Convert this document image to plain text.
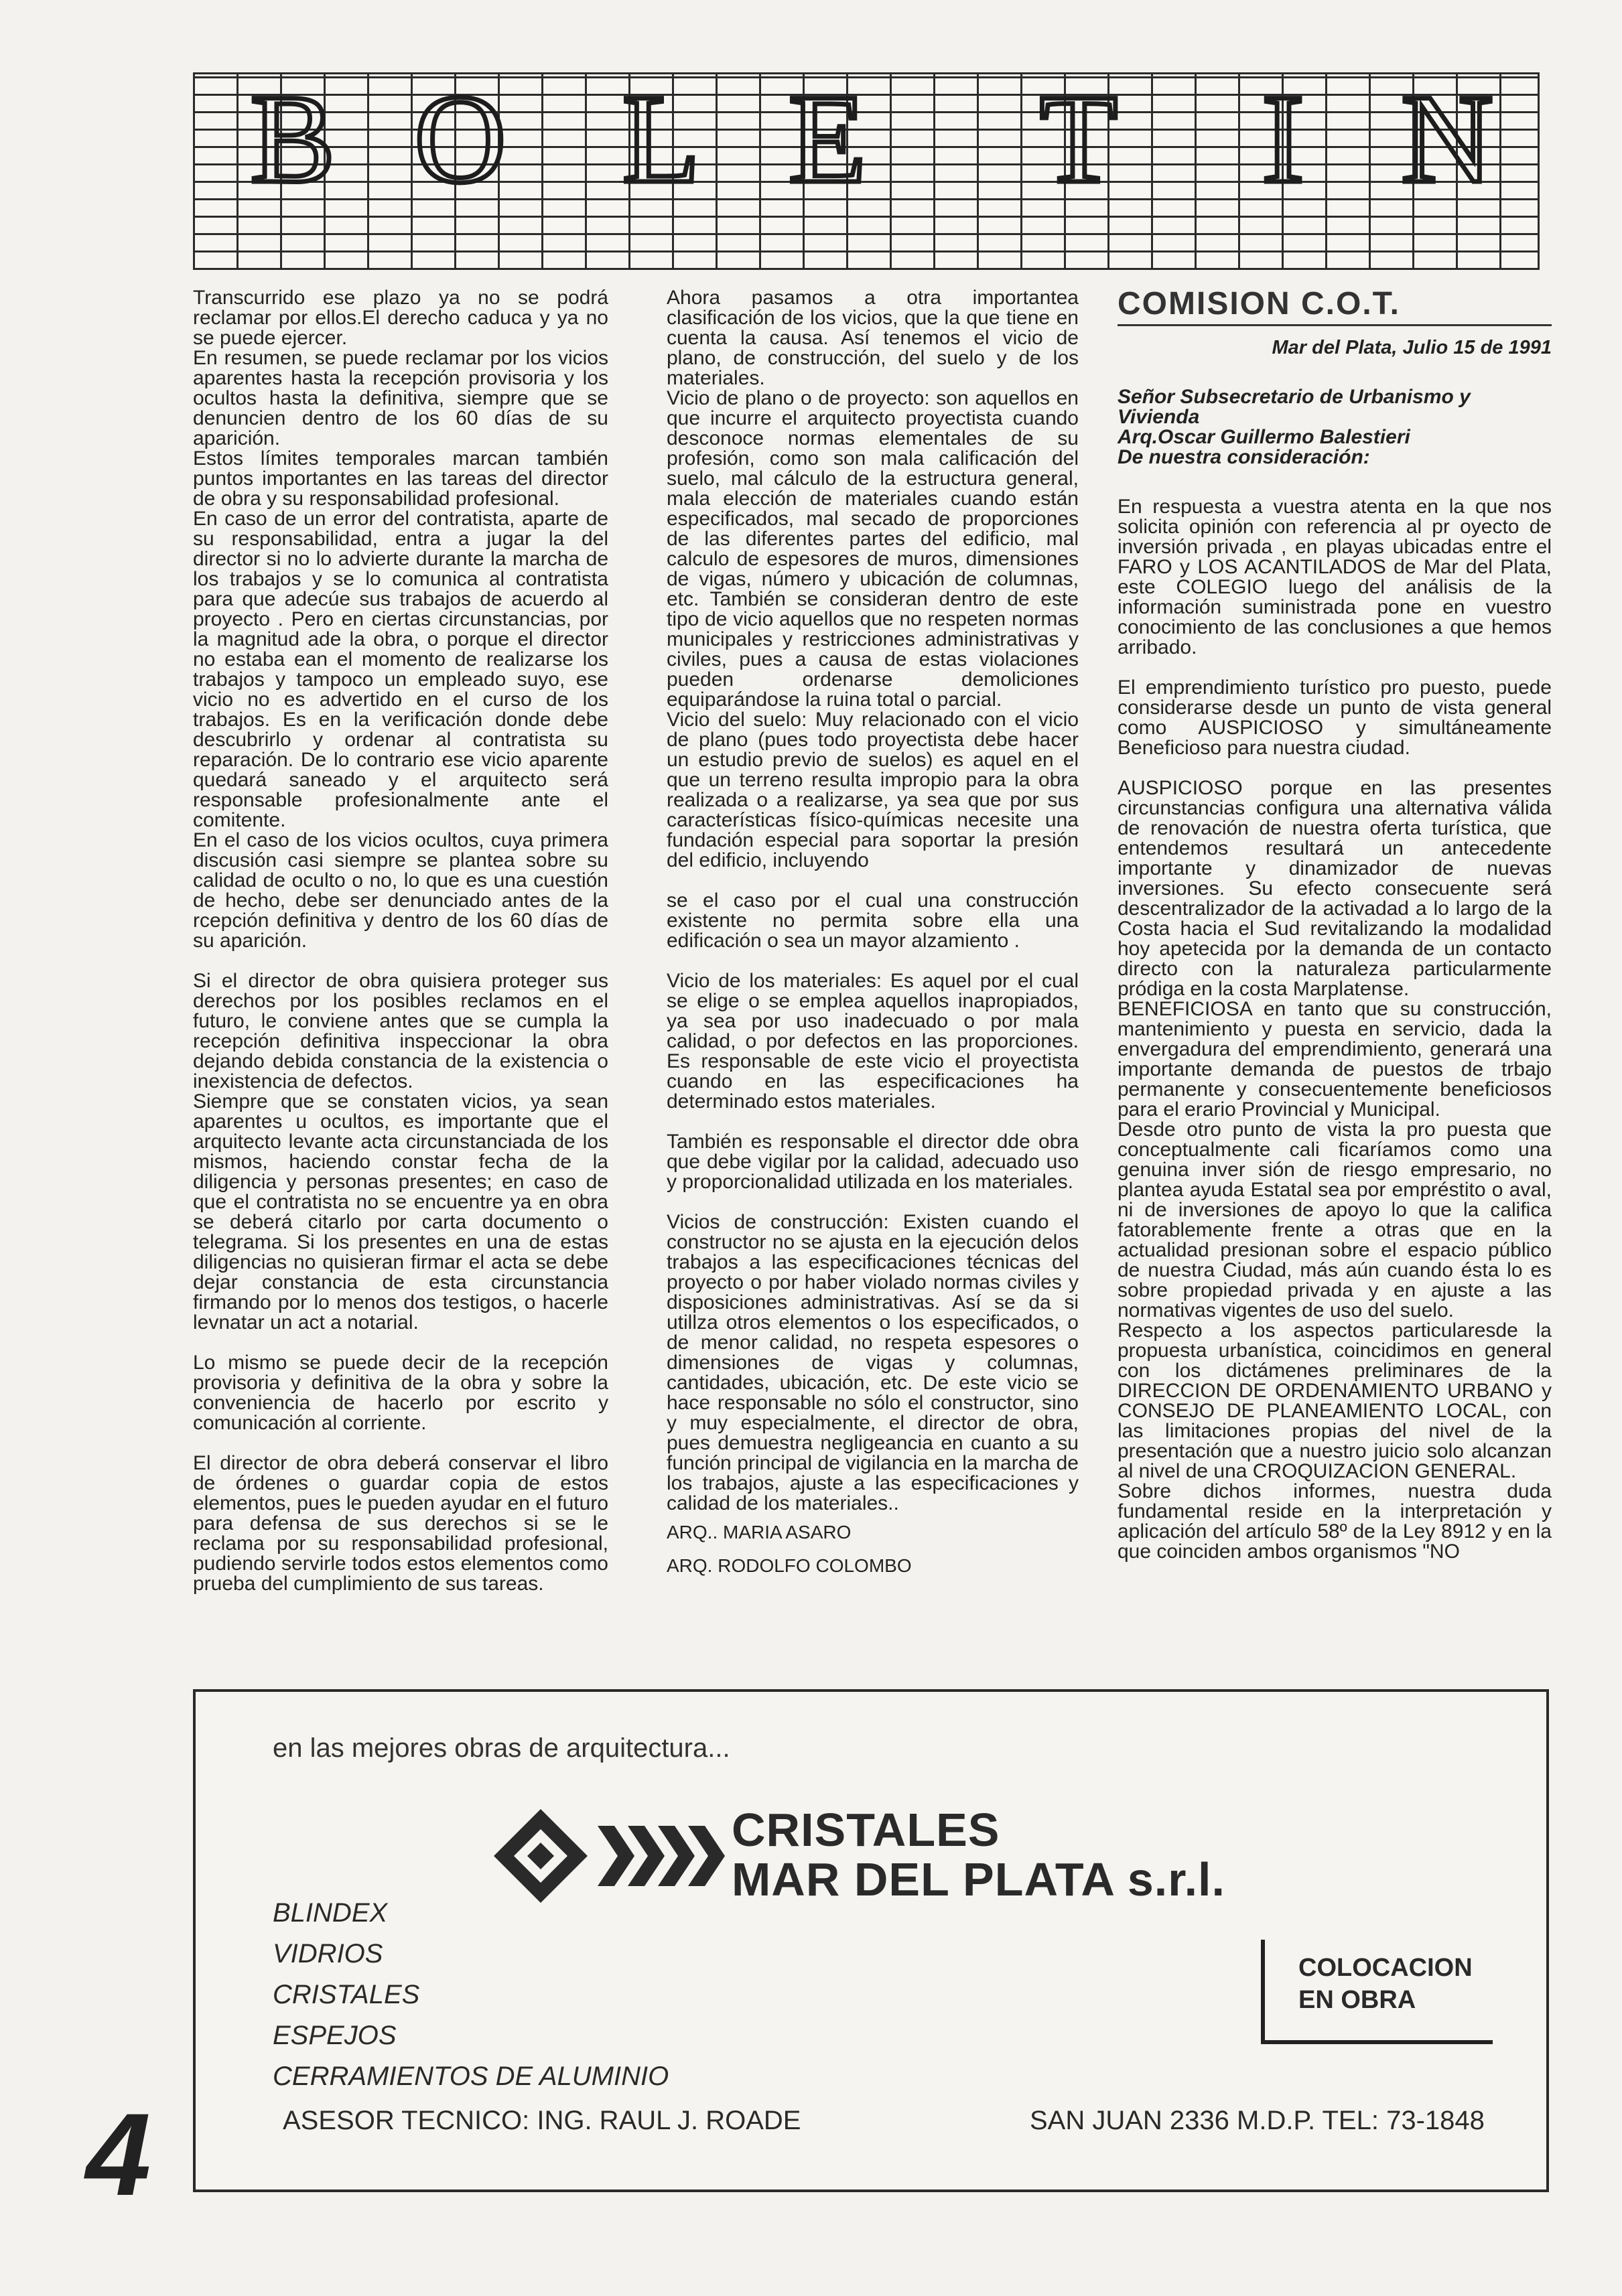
B O L E T	I N

Transcurrido ese plazo ya no se podrá reclamar por ellos.El derecho caduca y ya no se puede ejercer.

En resumen, se puede reclamar por los vicios aparentes hasta la recepción provisoria y los ocultos hasta la definitiva, siempre que se denuncien dentro de los 60 días de su aparición.

Estos límites temporales marcan también puntos importantes en las tareas del director de obra y su responsabilidad profesional.

En caso de un error del contratista, aparte de su responsabilidad, entra a jugar la del director si no lo advierte durante la marcha de los trabajos y se lo comunica al contratista para que adecúe sus trabajos de acuerdo al proyecto . Pero en ciertas circunstancias, por la magnitud ade la obra, o porque el director no estaba ean el momento de realizarse los trabajos y tampoco un empleado suyo, ese vicio no es advertido en el curso de los trabajos. Es en la verificación donde debe descubrirlo y ordenar al contratista su reparación. De lo contrario ese vicio aparente quedará saneado y el arquitecto será responsable profesionalmente ante el comitente.

En el caso de los vicios ocultos, cuya primera discusión casi siempre se plantea sobre su calidad de oculto o no, lo que es una cuestión de hecho, debe ser denunciado antes de la rcepción definitiva y dentro de los 60 días de su aparición.

Si el director de obra quisiera proteger sus derechos por los posibles reclamos en el futuro, le conviene antes que se cumpla la recepción definitiva inspeccionar la obra dejando debida constancia de la existencia o inexistencia de defectos.

Siempre que se constaten vicios, ya sean aparentes u ocultos, es importante que el arquitecto levante acta circunstanciada de los mismos, haciendo constar fecha de la diligencia y personas presentes; en caso de que el contratista no se encuentre ya en obra se deberá citarlo por carta documento o telegrama. Si los presentes en una de estas diligencias no quisieran firmar el acta se debe dejar constancia de esta circunstancia firmando por lo menos dos testigos, o hacerle levnatar un act a notarial.

Lo mismo se puede decir de la recepción provisoria y definitiva de la obra y sobre la conveniencia de hacerlo por escrito y comunicación al corriente.

El director de obra deberá conservar el libro de órdenes o guardar copia de estos elementos, pues le pueden ayudar en el futuro para defensa de sus derechos si se le reclama por su responsabilidad profesional, pudiendo servirle todos estos elementos como prueba del cumplimiento de sus tareas.

Ahora pasamos a otra importantea clasificación de los vicios, que la que tiene en cuenta la causa. Así tenemos el vicio de plano, de construcción, del suelo y de los materiales.

Vicio de plano o de proyecto: son aquellos en que incurre el arquitecto proyectista cuando desconoce normas elementales de su profesión, como son mala calificación del suelo, mal cálculo de la estructura general, mala elección de materiales cuando están especificados, mal secado de proporciones de las diferentes partes del edificio, mal calculo de espesores de muros, dimensiones de vigas, número y ubicación de columnas, etc. También se consideran dentro de este tipo de vicio aquellos que no respeten normas municipales y restricciones administrativas y civiles, pues a causa de estas violaciones pueden ordenarse demoliciones equiparándose la ruina total o parcial.

Vicio del suelo: Muy relacionado con el vicio de plano (pues todo proyectista debe hacer un estudio previo de suelos) es aquel en el que un terreno resulta impropio para la obra realizada o a realizarse, ya sea que por sus características físico-químicas necesite una fundación especial para soportar la presión del edificio, incluyendo

se el caso por el cual una construcción existente no permita sobre ella una edificación o sea un mayor alzamiento .

Vicio de los materiales: Es aquel por el cual se elige o se emplea aquellos inapropiados, ya sea por uso inadecuado o por mala calidad, o por defectos en las proporciones. Es responsable de este vicio el proyectista cuando en las especificaciones ha determinado estos materiales.

También es responsable el director dde obra que debe vigilar por la calidad, adecuado uso y proporcionalidad utilizada en los materiales.

Vicios de construcción: Existen cuando el constructor no se ajusta en la ejecución delos trabajos a las especificaciones técnicas del proyecto o por haber violado normas civiles y disposiciones administrativas. Así se da si utillza otros elementos o los especificados, o de menor calidad, no respeta espesores o dimensiones de vigas y columnas, cantidades, ubicación, etc. De este vicio se hace responsable no sólo el constructor, sino y muy especialmente, el director de obra, pues demuestra negligeancia en cuanto a su función principal de vigilancia en la marcha de los trabajos, ajuste a las especificaciones y calidad de los materiales..

ARQ.. MARIA ASARO
ARQ. RODOLFO COLOMBO
COMISION C.O.T.
Mar del Plata, Julio 15 de 1991
Señor Subsecretario de Urbanismo y Vivienda
Arq.Oscar Guillermo Balestieri
De nuestra consideración:

En respuesta a vuestra atenta en la que nos solicita opinión con referencia al pr oyecto de inversión privada , en playas ubicadas entre el FARO y LOS ACANTILADOS de Mar del Plata, este COLEGIO luego del análisis de la información suministrada pone en vuestro conocimiento de las conclusiones a que hemos arribado.

El emprendimiento turístico pro puesto, puede considerarse desde un punto de vista general como AUSPICIOSO y simultáneamente Beneficioso para nuestra ciudad.

AUSPICIOSO porque en las presentes circunstancias configura una alternativa válida de renovación de nuestra oferta turística, que entendemos resultará un antecedente importante y dinamizador de nuevas inversiones. Su efecto consecuente será descentralizador de la activadad a lo largo de la Costa hacia el Sud revitalizando la modalidad hoy apetecida por la demanda de un contacto directo con la naturaleza particularmente pródiga en la costa Marplatense.

BENEFICIOSA en tanto que su construcción, mantenimiento y puesta en servicio, dada la envergadura del emprendimiento, generará una importante demanda de puestos de trbajo permanente y consecuentemente beneficiosos para el erario Provincial y Municipal.

Desde otro punto de vista la pro puesta que conceptualmente cali ficaríamos como una genuina inver sión de riesgo empresario, no plantea ayuda Estatal sea por empréstito o aval, ni de inversiones de apoyo lo que la califica fatorablemente frente a otras que en la actualidad presionan sobre el espacio público de nuestra Ciudad, más aún cuando ésta lo es sobre propiedad privada y en ajuste a las normativas vigentes de uso del suelo.

Respecto a los aspectos particularesde la propuesta urbanística, coincidimos en general con los dictámenes preliminares de la DIRECCION DE ORDENAMIENTO URBANO y CONSEJO DE PLANEAMIENTO LOCAL, con las limitaciones propias del nivel de la presentación que a nuestro juicio solo alcanzan al nivel de una CROQUIZACION GENERAL.

Sobre dichos informes, nuestra duda fundamental reside en la interpretación y aplicación del artículo 58º de la Ley 8912 y en la que coinciden ambos organismos "NO

en las mejores obras de arquitectura...
CRISTALES
MAR DEL PLATA s.r.l.
BLINDEX
VIDRIOS
CRISTALES
ESPEJOS
CERRAMIENTOS DE ALUMINIO
COLOCACION
EN OBRA
ASESOR TECNICO: ING. RAUL J. ROADE	SAN JUAN 2336 M.D.P. TEL: 73-1848
4
